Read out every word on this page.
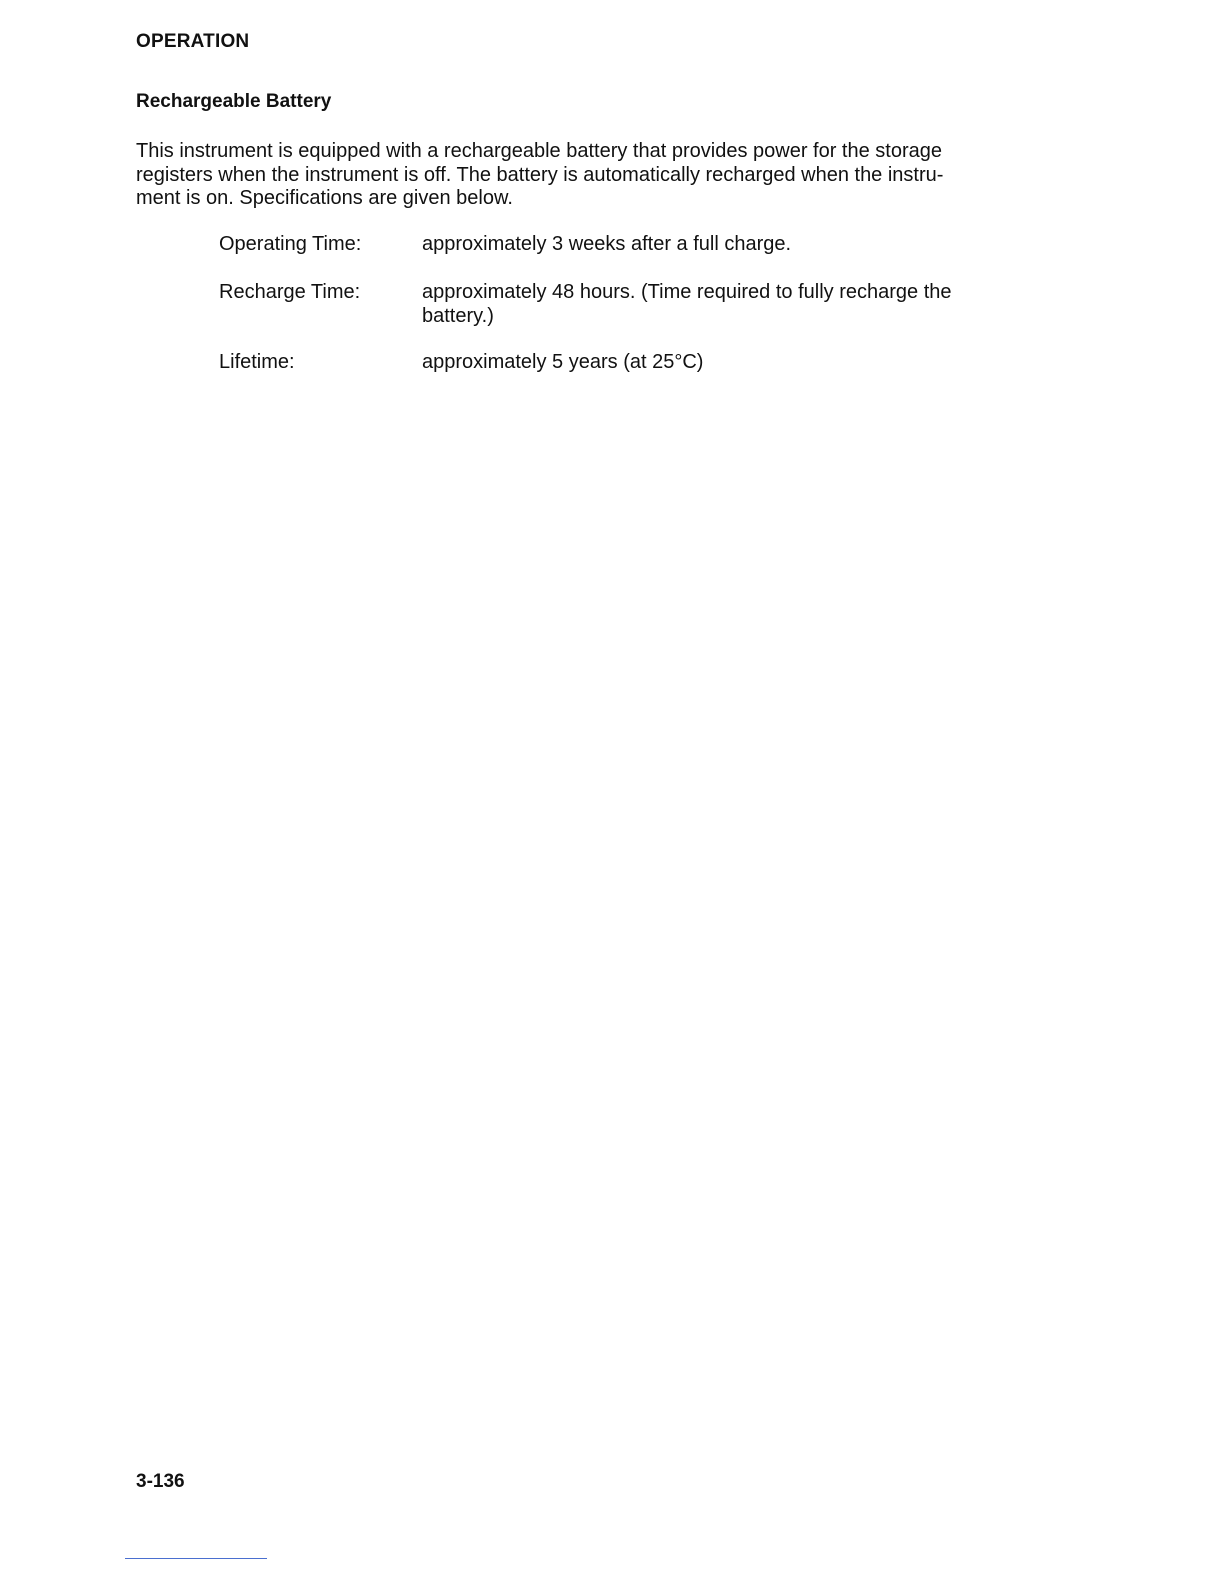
OPERATION
Rechargeable Battery
This instrument is equipped with a rechargeable battery that provides power for the storage
registers when the instrument is off. The battery is automatically recharged when the instru-
ment is on. Specifications are given below.
Operating Time:	approximately 3 weeks after a full charge.
Recharge Time:	approximately 48 hours. (Time required to fully recharge the
battery.)
Lifetime:	approximately 5 years (at 25°C)
3-136
